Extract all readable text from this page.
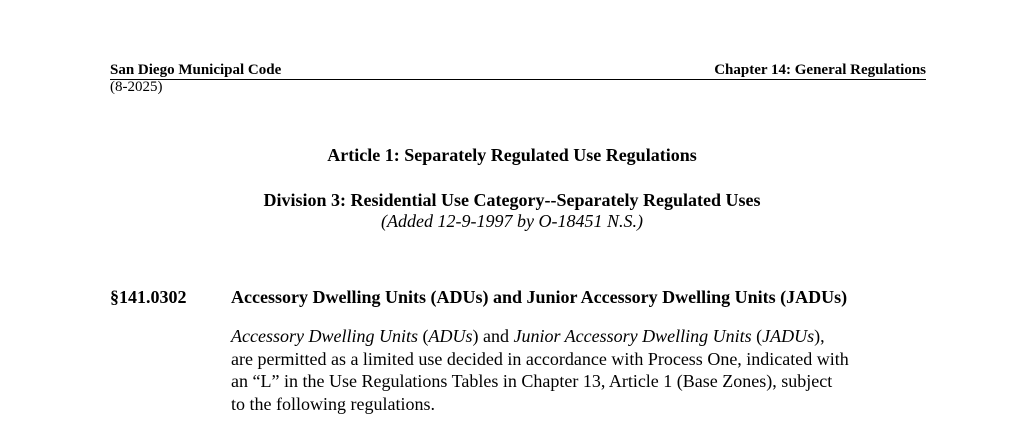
San Diego Municipal Code	Chapter 14: General Regulations
(8-2025)
Article 1: Separately Regulated Use Regulations
Division 3: Residential Use Category--Separately Regulated Uses
(Added 12-9-1997 by O-18451 N.S.)
§141.0302 Accessory Dwelling Units (ADUs) and Junior Accessory Dwelling Units (JADUs)
Accessory Dwelling Units (ADUs) and Junior Accessory Dwelling Units (JADUs),
are permitted as a limited use decided in accordance with Process One, indicated with
an “L” in the Use Regulations Tables in Chapter 13, Article 1 (Base Zones), subject
to the following regulations.
